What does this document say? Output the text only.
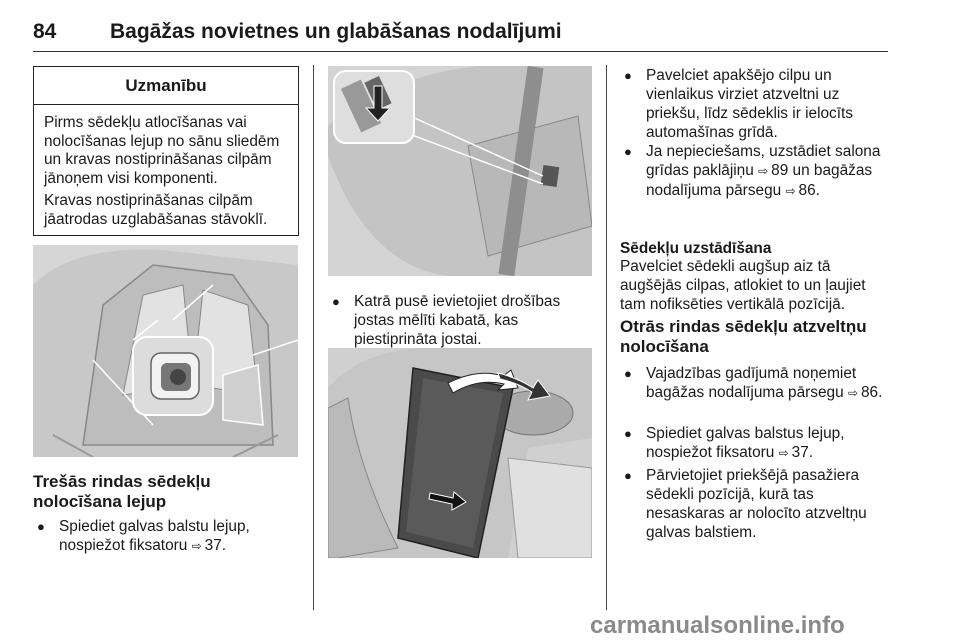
84	Bagāžas novietnes un glabāšanas nodalījumi
Uzmanību

Pirms sēdekļu atlocīšanas vai nolocīšanas lejup no sānu sliedēm un kravas nostiprināšanas cilpām jānoņem visi komponenti.

Kravas nostiprināšanas cilpām jāatrodas uzglabāšanas stāvoklī.

Trešās rindas sēdekļu nolocīšana lejup
● Spiediet galvas balstu lejup, nospiežot fiksatoru ⇨ 37.
● Katrā pusē ievietojiet drošības jostas mēlīti kabatā, kas piestiprināta jostai.
● Pavelciet apakšējo cilpu un vienlaikus virziet atzveltni uz priekšu, līdz sēdeklis ir ielocīts automašīnas grīdā.
● Ja nepieciešams, uzstādiet salona grīdas paklājiņu ⇨ 89 un bagāžas nodalījuma pārsegu ⇨ 86.
Sēdekļu uzstādīšana
Pavelciet sēdekli augšup aiz tā augšējās cilpas, atlokiet to un ļaujiet tam nofiksēties vertikālā pozīcijā.
Otrās rindas sēdekļu atzveltņu nolocīšana
● Vajadzības gadījumā noņemiet bagāžas nodalījuma pārsegu ⇨ 86.
● Spiediet galvas balstus lejup, nospiežot fiksatoru ⇨ 37.
● Pārvietojiet priekšējā pasažiera sēdekli pozīcijā, kurā tas nesaskaras ar nolocīto atzveltņu galvas balstiem.
carmanualsonline.info
